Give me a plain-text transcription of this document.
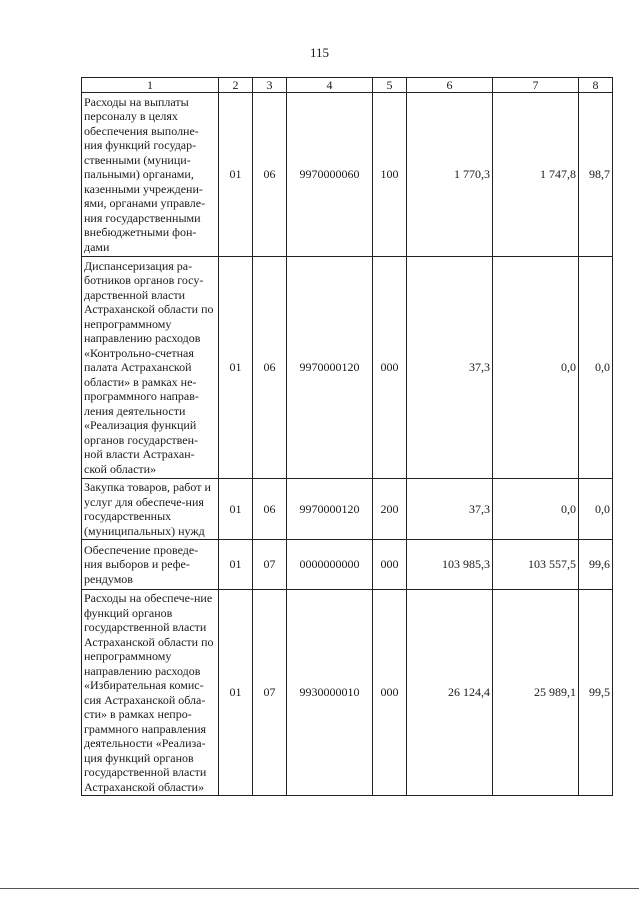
115
1	2	3	4	5	6	7	8
Расходы на выплаты персоналу в целях обеспечения выполне-ния функций государ-ственными (муници-пальными) органами, казенными учреждени-ями, органами управле-ния государственными внебюджетными фон-дами	01	06	9970000060	100	1 770,3	1 747,8	98,7
Диспансеризация ра-ботников органов госу-дарственной власти Астраханской области по непрограммному направлению расходов «Контрольно-счетная палата Астраханской области» в рамках не-программного направ-ления деятельности «Реализация функций органов государствен-ной власти Астрахан-ской области»	01	06	9970000120	000	37,3	0,0	0,0
Закупка товаров, работ и услуг для обеспече-ния государственных (муниципальных) нужд	01	06	9970000120	200	37,3	0,0	0,0
Обеспечение проведе-ния выборов и рефе-рендумов	01	07	0000000000	000	103 985,3	103 557,5	99,6
Расходы на обеспече-ние функций органов государственной власти Астраханской области по непрограммному направлению расходов «Избирательная комис-сия Астраханской обла-сти» в рамках непро-граммного направления деятельности «Реализа-ция функций органов государственной власти Астраханской области»	01	07	9930000010	000	26 124,4	25 989,1	99,5
